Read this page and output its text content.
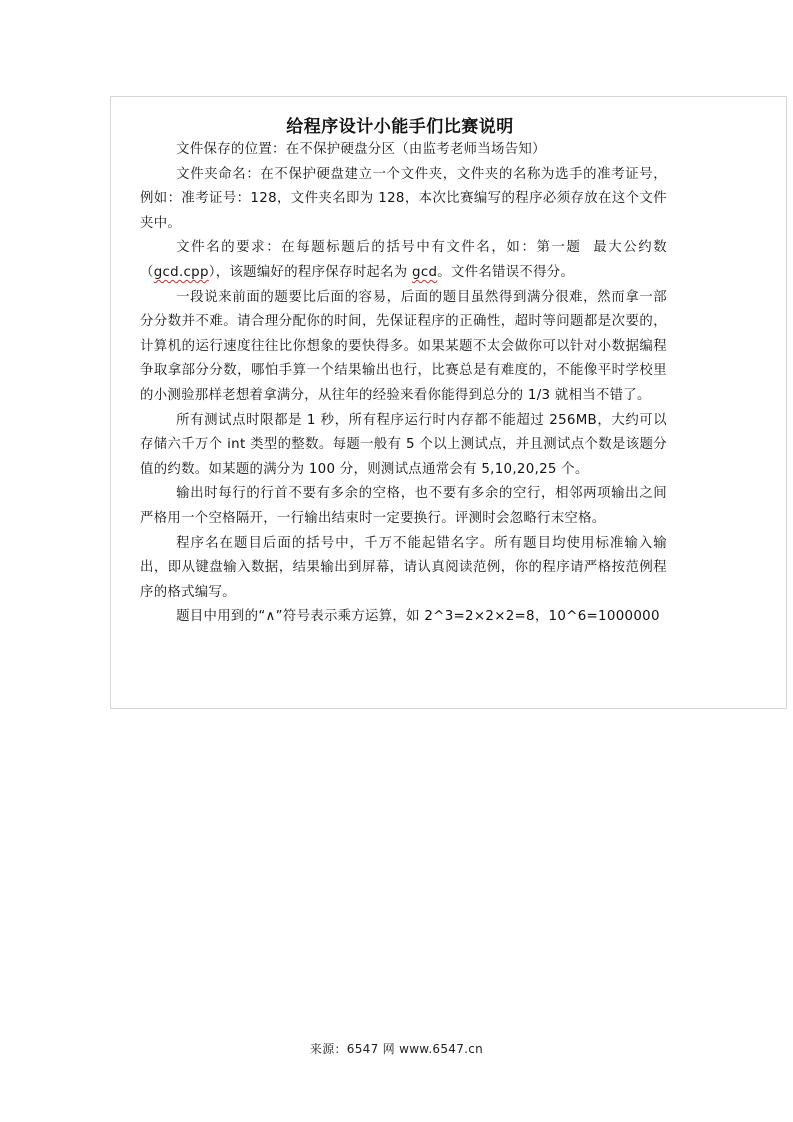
给程序设计小能手们比赛说明

文件保存的位置：在不保护硬盘分区（由监考老师当场告知）

文件夹命名：在不保护硬盘建立一个文件夹，文件夹的名称为选手的准考证号，例如：准考证号：128，文件夹名即为 128，本次比赛编写的程序必须存放在这个文件夹中。

文件名的要求：在每题标题后的括号中有文件名，如：第一题  最大公约数（gcd.cpp），该题编好的程序保存时起名为 gcd。文件名错误不得分。

一段说来前面的题要比后面的容易，后面的题目虽然得到满分很难，然而拿一部分分数并不难。请合理分配你的时间，先保证程序的正确性，超时等问题都是次要的，计算机的运行速度往往比你想象的要快得多。如果某题不太会做你可以针对小数据编程争取拿部分分数，哪怕手算一个结果输出也行，比赛总是有难度的，不能像平时学校里的小测验那样老想着拿满分，从往年的经验来看你能得到总分的 1/3 就相当不错了。

所有测试点时限都是 1 秒，所有程序运行时内存都不能超过 256MB，大约可以存储六千万个 int 类型的整数。每题一般有 5 个以上测试点，并且测试点个数是该题分值的约数。如某题的满分为 100 分，则测试点通常会有 5,10,20,25 个。

输出时每行的行首不要有多余的空格，也不要有多余的空行，相邻两项输出之间严格用一个空格隔开，一行输出结束时一定要换行。评测时会忽略行末空格。

程序名在题目后面的括号中，千万不能起错名字。所有题目均使用标准输入输出，即从键盘输入数据，结果输出到屏幕，请认真阅读范例，你的程序请严格按范例程序的格式编写。

题目中用到的“∧”符号表示乘方运算，如 2^3=2×2×2=8，10^6=1000000

来源：6547 网 www.6547.cn
